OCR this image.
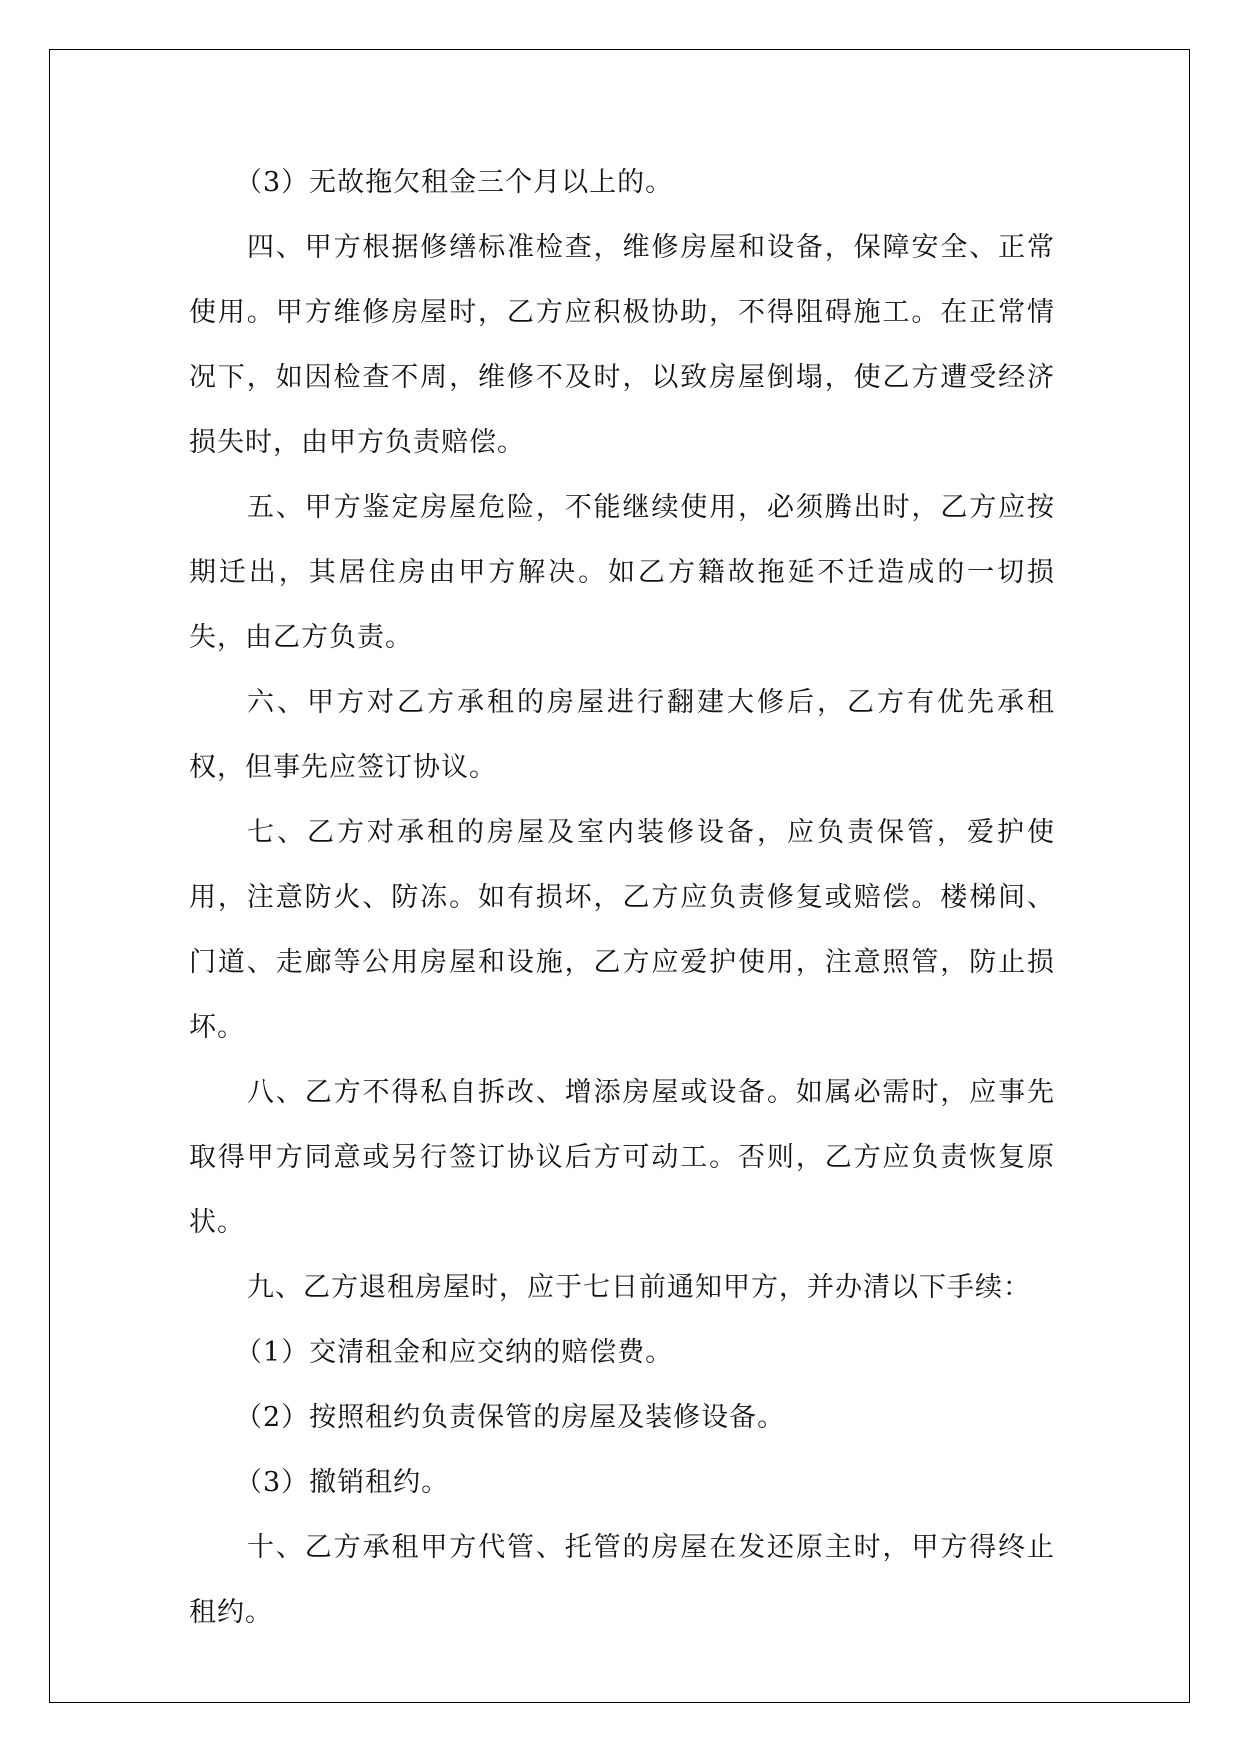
（3）无故拖欠租金三个月以上的。

四、甲方根据修缮标准检查，维修房屋和设备，保障安全、正常使用。甲方维修房屋时，乙方应积极协助，不得阻碍施工。在正常情况下，如因检查不周，维修不及时，以致房屋倒塌，使乙方遭受经济损失时，由甲方负责赔偿。

五、甲方鉴定房屋危险，不能继续使用，必须腾出时，乙方应按期迁出，其居住房由甲方解决。如乙方籍故拖延不迁造成的一切损失，由乙方负责。

六、甲方对乙方承租的房屋进行翻建大修后，乙方有优先承租权，但事先应签订协议。

七、乙方对承租的房屋及室内装修设备，应负责保管，爱护使用，注意防火、防冻。如有损坏，乙方应负责修复或赔偿。楼梯间、门道、走廊等公用房屋和设施，乙方应爱护使用，注意照管，防止损坏。

八、乙方不得私自拆改、增添房屋或设备。如属必需时，应事先取得甲方同意或另行签订协议后方可动工。否则，乙方应负责恢复原状。

九、乙方退租房屋时，应于七日前通知甲方，并办清以下手续：

（1）交清租金和应交纳的赔偿费。

（2）按照租约负责保管的房屋及装修设备。

（3）撤销租约。

十、乙方承租甲方代管、托管的房屋在发还原主时，甲方得终止租约。
